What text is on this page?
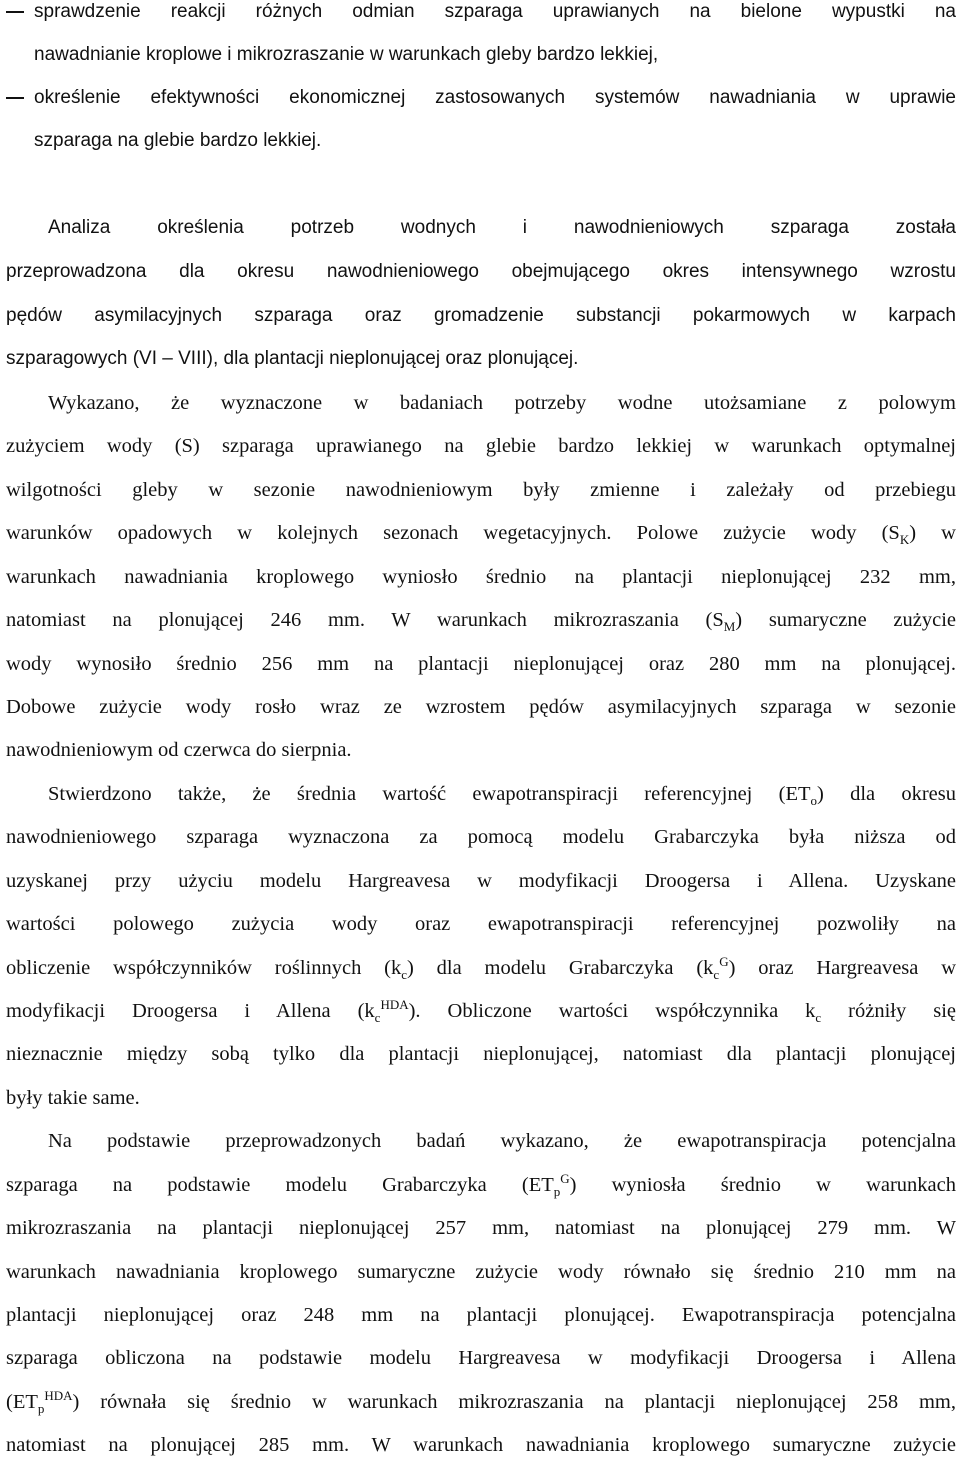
sprawdzenie reakcji różnych odmian szparaga uprawianych na bielone wypustki na
nawadnianie kroplowe i mikrozraszanie w warunkach gleby bardzo lekkiej,
określenie efektywności ekonomicznej zastosowanych systemów nawadniania w uprawie
szparaga na glebie bardzo lekkiej.
Analiza określenia potrzeb wodnych i nawodnieniowych szparaga została
przeprowadzona dla okresu nawodnieniowego obejmującego okres intensywnego wzrostu
pędów asymilacyjnych szparaga oraz gromadzenie substancji pokarmowych w karpach
szparagowych (VI – VIII), dla plantacji nieplonującej oraz plonującej.
Wykazano, że wyznaczone w badaniach potrzeby wodne utożsamiane z polowym
zużyciem wody (S) szparaga uprawianego na glebie bardzo lekkiej w warunkach optymalnej
wilgotności gleby w sezonie nawodnieniowym były zmienne i zależały od przebiegu
warunków opadowych w kolejnych sezonach wegetacyjnych. Polowe zużycie wody $(S_K)$ w
warunkach nawadniania kroplowego wyniosło średnio na plantacji nieplonującej 232 mm,
natomiast na plonującej 246 mm. W warunkach mikrozraszania $(S_M)$ sumaryczne zużycie
wody wynosiło średnio 256 mm na plantacji nieplonującej oraz 280 mm na plonującej.
Dobowe zużycie wody rosło wraz ze wzrostem pędów asymilacyjnych szparaga w sezonie
nawodnieniowym od czerwca do sierpnia.
Stwierdzono także, że średnia wartość ewapotranspiracji referencyjnej $(ET_o)$ dla okresu
nawodnieniowego szparaga wyznaczona za pomocą modelu Grabarczyka była niższa od
uzyskanej przy użyciu modelu Hargreavesa w modyfikacji Droogersa i Allena. Uzyskane
wartości polowego zużycia wody oraz ewapotranspiracji referencyjnej pozwoliły na
obliczenie współczynników roślinnych $(k_c)$ dla modelu Grabarczyka $(k_c^G)$ oraz Hargreavesa w
modyfikacji Droogersa i Allena $(k_c^{HDA})$. Obliczone wartości współczynnika $k_c$ różniły się
nieznacznie między sobą tylko dla plantacji nieplonującej, natomiast dla plantacji plonującej
były takie same.
Na podstawie przeprowadzonych badań wykazano, że ewapotranspiracja potencjalna
szparaga na podstawie modelu Grabarczyka $(ET_p^G)$ wyniosła średnio w warunkach
mikrozraszania na plantacji nieplonującej 257 mm, natomiast na plonującej 279 mm. W
warunkach nawadniania kroplowego sumaryczne zużycie wody równało się średnio 210 mm na
plantacji nieplonującej oraz 248 mm na plantacji plonującej. Ewapotranspiracja potencjalna
szparaga obliczona na podstawie modelu Hargreavesa w modyfikacji Droogersa i Allena
$(ET_p^{HDA})$ równała się średnio w warunkach mikrozraszania na plantacji nieplonującej 258 mm,
natomiast na plonującej 285 mm. W warunkach nawadniania kroplowego sumaryczne zużycie
